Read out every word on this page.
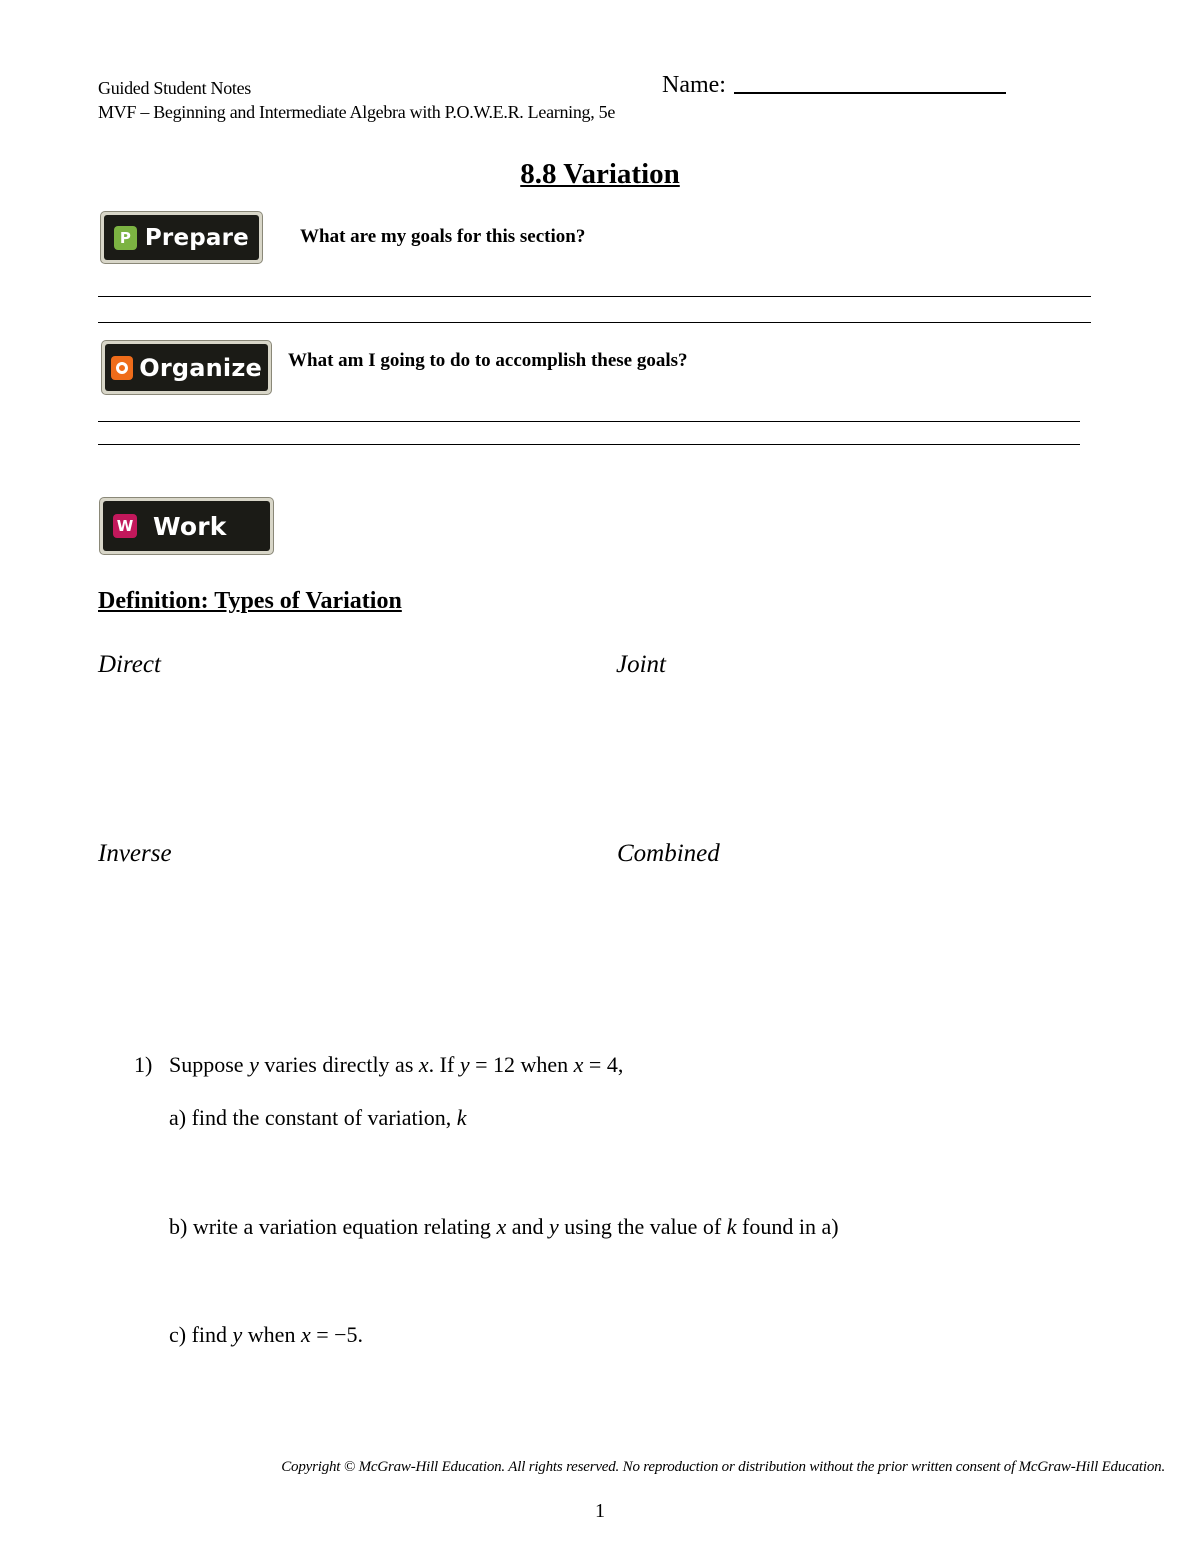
Guided Student Notes
MVF – Beginning and Intermediate Algebra with P.O.W.E.R. Learning, 5e
Name:
8.8 Variation
P Prepare	What are my goals for this section?
Organize What am I going to do to accomplish these goals?
W Work
Definition: Types of Variation
Direct	Joint
Inverse	Combined
1) Suppose y varies directly as x. If y = 12 when x = 4,
a) find the constant of variation, k
b) write a variation equation relating x and y using the value of k found in a)
c) find y when x = −5.
Copyright © McGraw-Hill Education. All rights reserved. No reproduction or distribution without the prior written consent of McGraw-Hill Education.
1
